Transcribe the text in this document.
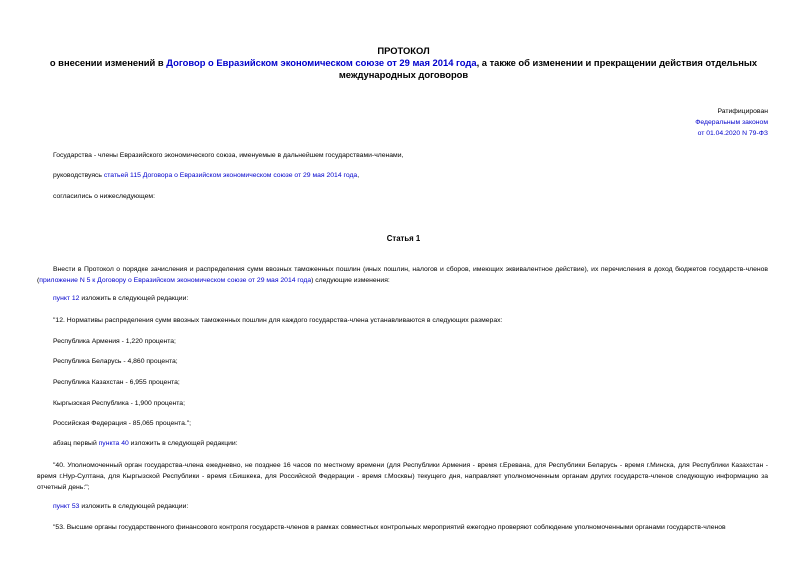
ПРОТОКОЛ
о внесении изменений в Договор о Евразийском экономическом союзе от 29 мая 2014 года, а также об изменении и прекращении действия отдельных международных договоров
Ратифицирован
Федеральным законом
от 01.04.2020 N 79-ФЗ
Государства - члены Евразийского экономического союза, именуемые в дальнейшем государствами-членами,
руководствуясь статьей 115 Договора о Евразийском экономическом союзе от 29 мая 2014 года,
согласились о нижеследующем:
Статья 1
Внести в Протокол о порядке зачисления и распределения сумм ввозных таможенных пошлин (иных пошлин, налогов и сборов, имеющих эквивалентное действие), их перечисления в доход бюджетов государств-членов (приложение N 5 к Договору о Евразийском экономическом союзе от 29 мая 2014 года) следующие изменения:
пункт 12 изложить в следующей редакции:
"12. Нормативы распределения сумм ввозных таможенных пошлин для каждого государства-члена устанавливаются в следующих размерах:
Республика Армения - 1,220 процента;
Республика Беларусь - 4,860 процента;
Республика Казахстан - 6,955 процента;
Кыргызская Республика - 1,900 процента;
Российская Федерация - 85,065 процента.";
абзац первый пункта 40 изложить в следующей редакции:
"40. Уполномоченный орган государства-члена ежедневно, не позднее 16 часов по местному времени (для Республики Армения - время г.Еревана, для Республики Беларусь - время г.Минска, для Республики Казахстан - время г.Нур-Султана, для Кыргызской Республики - время г.Бишкека, для Российской Федерации - время г.Москвы) текущего дня, направляет уполномоченным органам других государств-членов следующую информацию за отчетный день:";
пункт 53 изложить в следующей редакции:
"53. Высшие органы государственного финансового контроля государств-членов в рамках совместных контрольных мероприятий ежегодно проверяют соблюдение уполномоченными органами государств-членов
